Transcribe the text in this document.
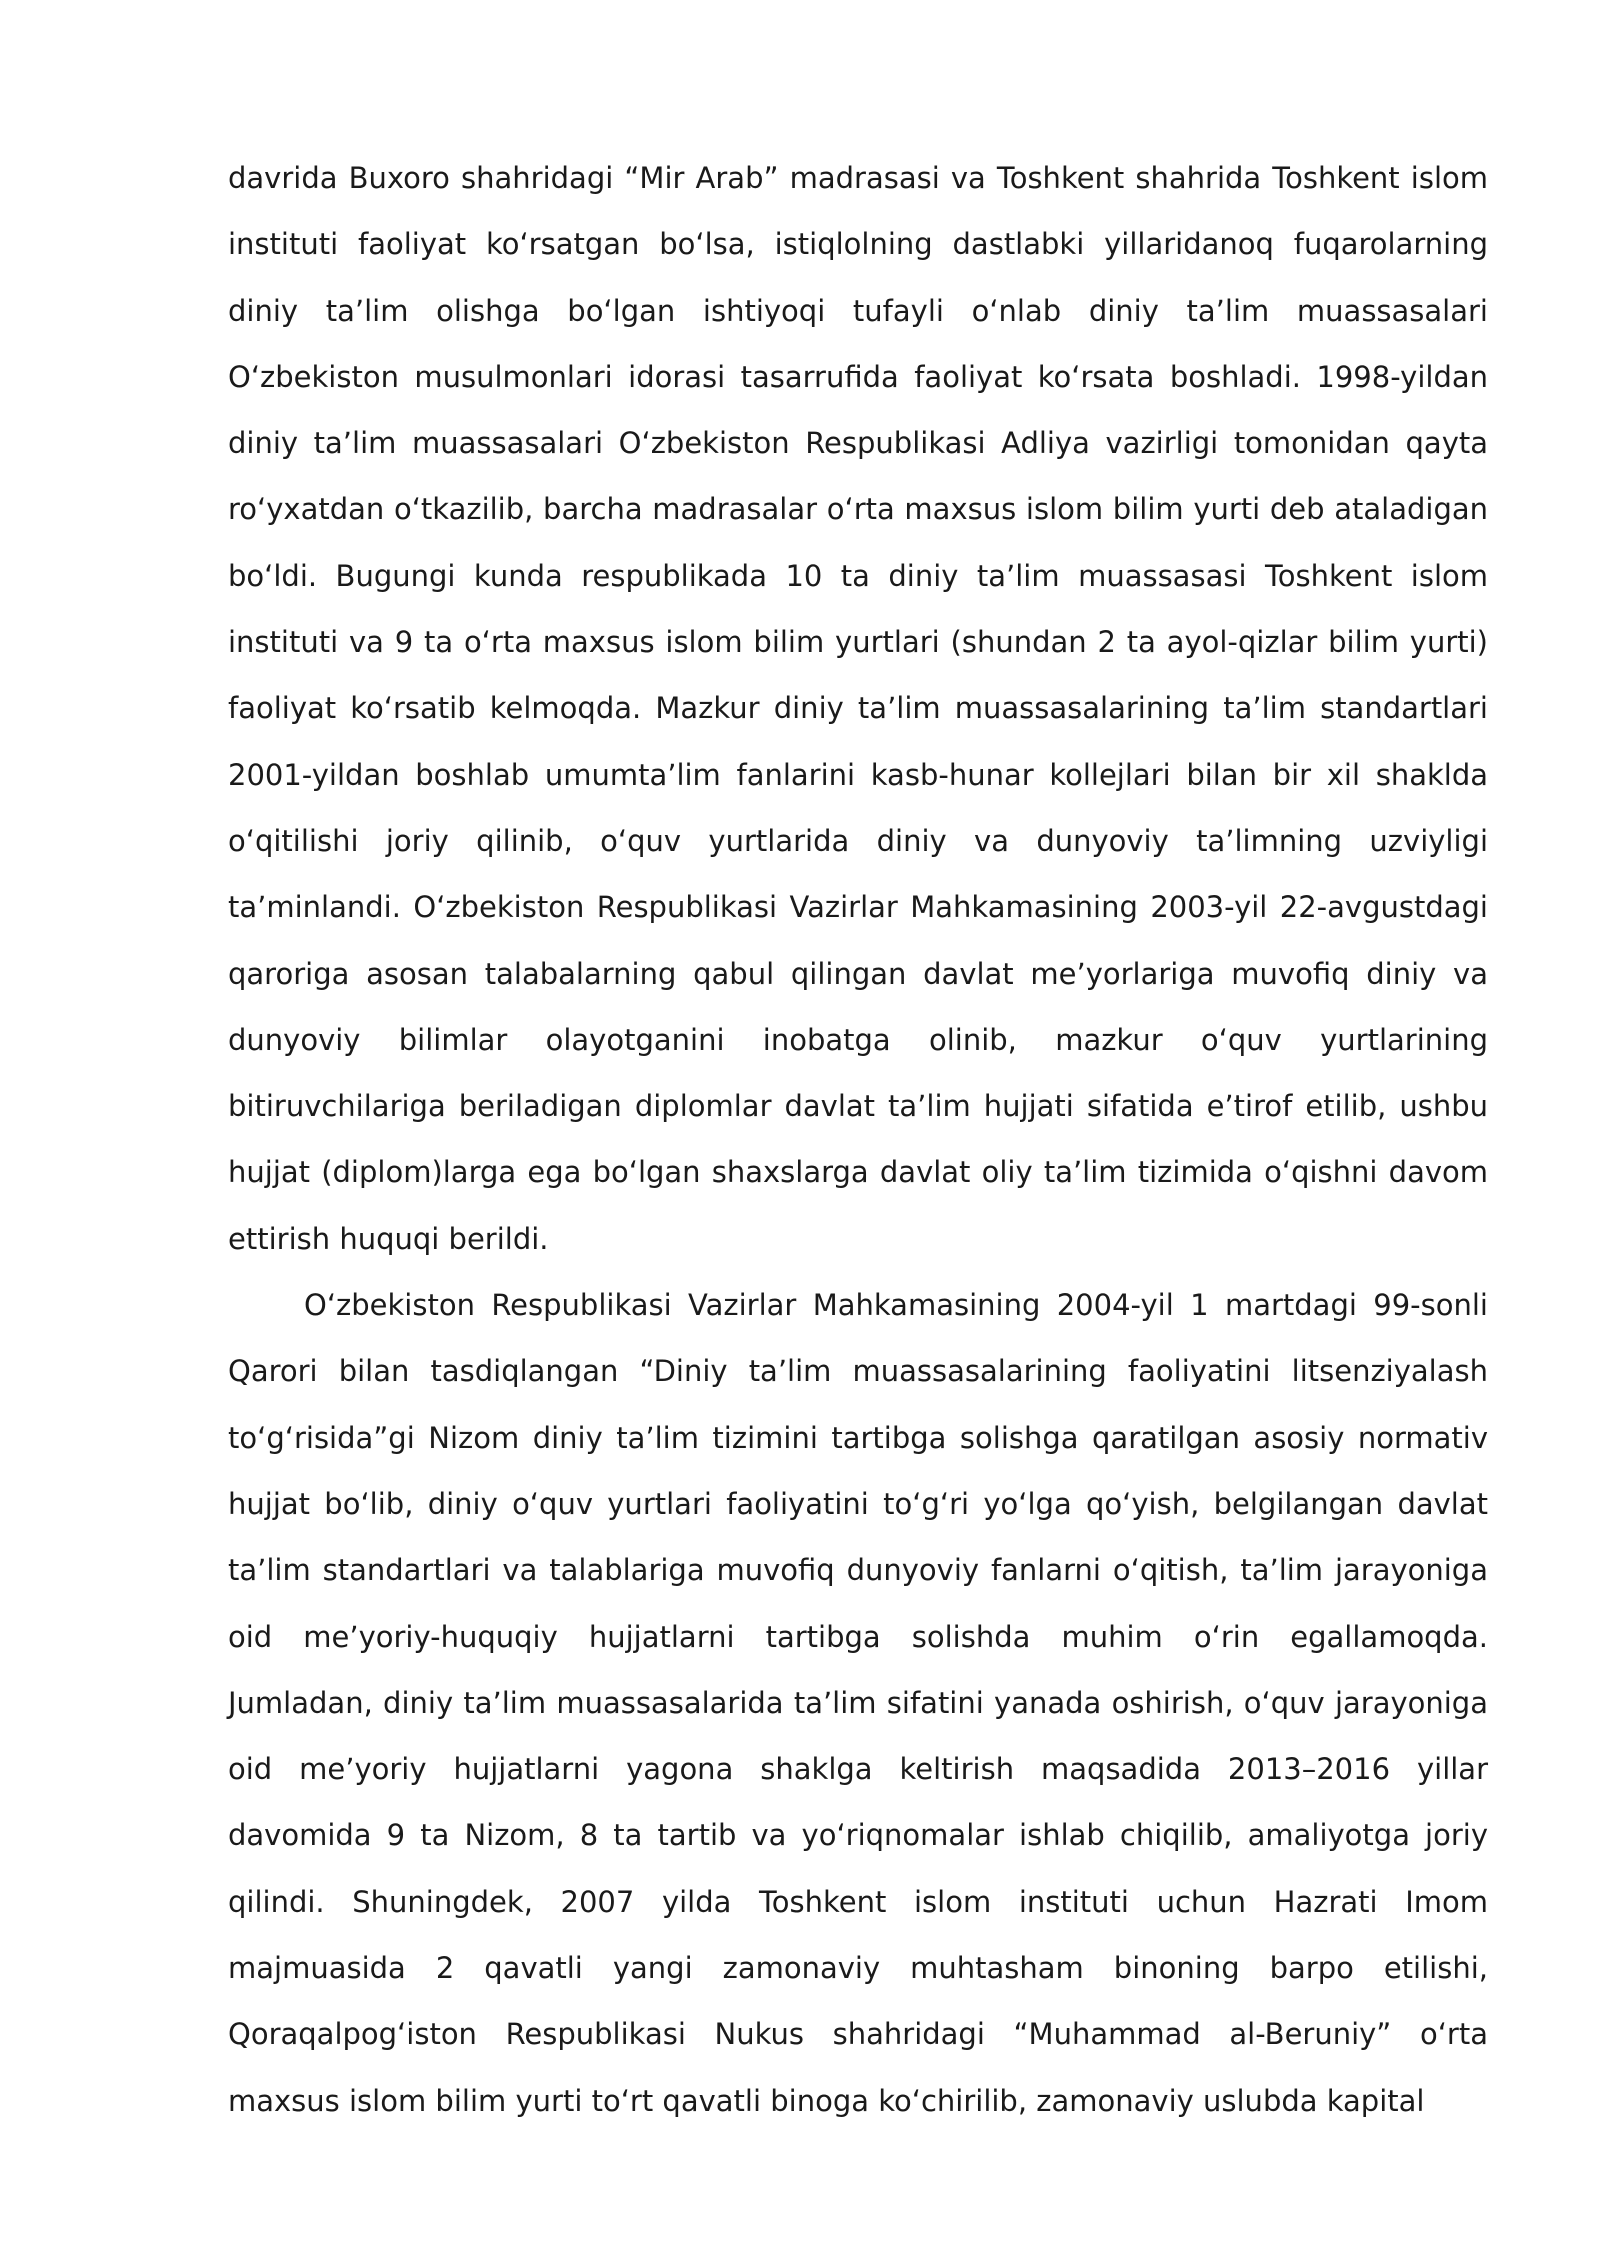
davrida Buxoro shahridagi “Mir Arab” madrasasi va Toshkent shahrida Toshkent islom instituti faoliyat koʻrsatgan boʻlsa, istiqlolning dastlabki yillaridanoq fuqarolarning diniy taʼlim olishga boʻlgan ishtiyoqi tufayli oʻnlab diniy taʼlim muassasalari Oʻzbekiston musulmonlari idorasi tasarrufida faoliyat koʻrsata boshladi. 1998-yildan diniy taʼlim muassasalari Oʻzbekiston Respublikasi Adliya vazirligi tomonidan qayta roʻyxatdan oʻtkazilib, barcha madrasalar oʻrta maxsus islom bilim yurti deb ataladigan boʻldi. Bugungi kunda respublikada 10 ta diniy taʼlim muassasasi Toshkent islom instituti va 9 ta oʻrta maxsus islom bilim yurtlari (shundan 2 ta ayol-qizlar bilim yurti) faoliyat koʻrsatib kelmoqda. Mazkur diniy taʼlim muassasalarining taʼlim standartlari 2001-yildan boshlab umumtaʼlim fanlarini kasb-hunar kollejlari bilan bir xil shaklda oʻqitilishi joriy qilinib, oʻquv yurtlarida diniy va dunyoviy taʼlimning uzviyligi taʼminlandi. Oʻzbekiston Respublikasi Vazirlar Mahkamasining 2003-yil 22-avgustdagi qaroriga asosan talabalarning qabul qilingan davlat meʼyorlariga muvofiq diniy va dunyoviy bilimlar olayotganini inobatga olinib, mazkur oʻquv yurtlarining bitiruvchilariga beriladigan diplomlar davlat taʼlim hujjati sifatida eʼtirof etilib, ushbu hujjat (diplom)larga ega boʻlgan shaxslarga davlat oliy taʼlim tizimida oʻqishni davom ettirish huquqi berildi.

Oʻzbekiston Respublikasi Vazirlar Mahkamasining 2004-yil 1 martdagi 99-sonli Qarori bilan tasdiqlangan “Diniy taʼlim muassasalarining faoliyatini litsenziyalash toʻgʻrisida”gi Nizom diniy taʼlim tizimini tartibga solishga qaratilgan asosiy normativ hujjat boʻlib, diniy oʻquv yurtlari faoliyatini toʻgʻri yoʻlga qoʻyish, belgilangan davlat taʼlim standartlari va talablariga muvofiq dunyoviy fanlarni oʻqitish, taʼlim jarayoniga oid meʼyoriy-huquqiy hujjatlarni tartibga solishda muhim oʻrin egallamoqda. Jumladan, diniy taʼlim muassasalarida taʼlim sifatini yanada oshirish, oʻquv jarayoniga oid meʼyoriy hujjatlarni yagona shaklga keltirish maqsadida 2013–2016 yillar davomida 9 ta Nizom, 8 ta tartib va yoʻriqnomalar ishlab chiqilib, amaliyotga joriy qilindi. Shuningdek, 2007 yilda Toshkent islom instituti uchun Hazrati Imom majmuasida 2 qavatli yangi zamonaviy muhtasham binoning barpo etilishi, Qoraqalpogʻiston Respublikasi Nukus shahridagi “Muhammad al-Beruniy” oʻrta maxsus islom bilim yurti toʻrt qavatli binoga koʻchirilib, zamonaviy uslubda kapital
